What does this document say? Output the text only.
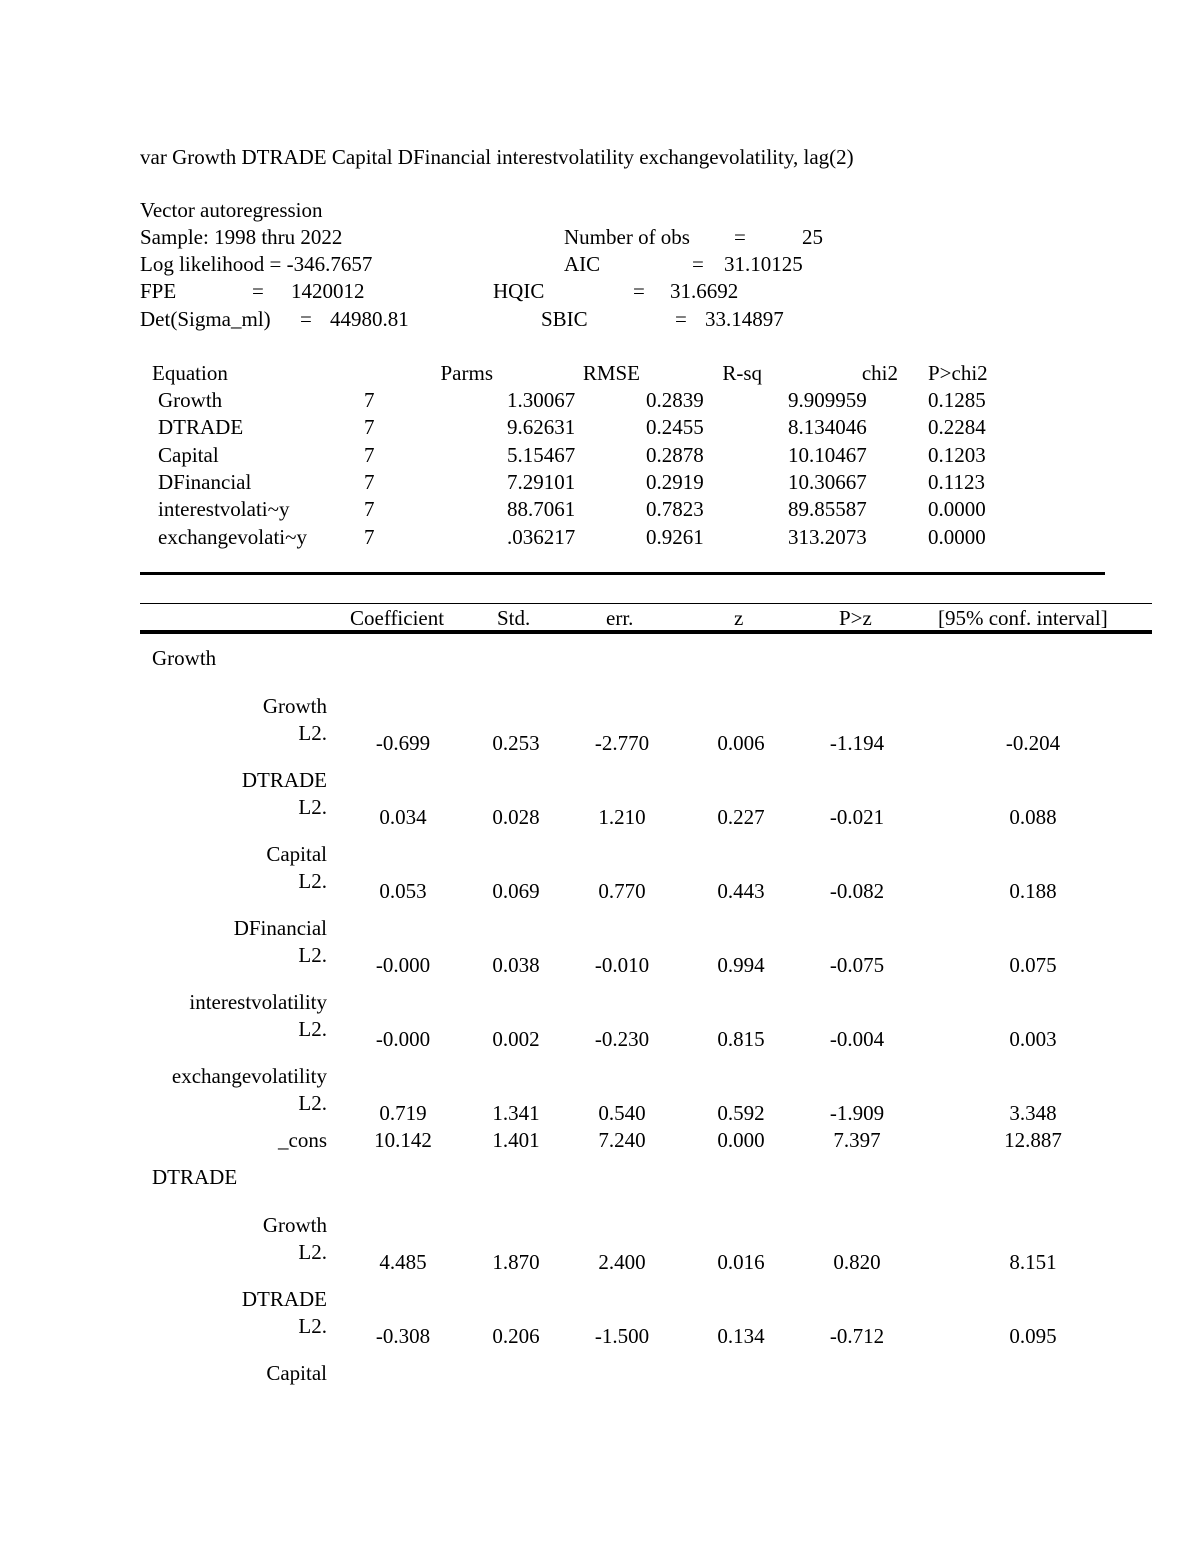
var Growth DTRADE Capital DFinancial interestvolatility exchangevolatility, lag(2)
Vector autoregression
Sample: 1998 thru 2022
Log likelihood = -346.7657
FPE	= 1420012
Det(Sigma_ml) = 44980.81
Number of obs =	25
AIC	= 31.10125
HQIC	= 31.6692
SBIC	= 33.14897
Equation	Parms	RMSE	R-sq	chi2 P>chi2
Growth	7	1.30067	0.2839	9.909959	0.1285
DTRADE	7	9.62631	0.2455	8.134046	0.2284
Capital	7	5.15467	0.2878	10.10467	0.1203
DFinancial	7	7.29101	0.2919	10.30667	0.1123
interestvolati~y	7	88.7061	0.7823	89.85587	0.0000
exchangevolati~y	7	.036217	0.9261	313.2073	0.0000
Coefficient	Std.	err.	z	P>z	[95% conf. interval]
Growth
Growth
L2.	-0.699	0.253	-2.770	0.006	-1.194	-0.204
DTRADE
L2.	0.034	0.028	1.210	0.227	-0.021	0.088
Capital
L2.	0.053	0.069	0.770	0.443	-0.082	0.188
DFinancial
L2.	-0.000	0.038	-0.010	0.994	-0.075	0.075
interestvolatility
L2.	-0.000	0.002	-0.230	0.815	-0.004	0.003
exchangevolatility
L2.	0.719	1.341	0.540	0.592	-1.909	3.348
_cons	10.142	1.401	7.240	0.000	7.397	12.887
DTRADE
Growth
L2.	4.485	1.870	2.400	0.016	0.820	8.151
DTRADE
L2.	-0.308	0.206	-1.500	0.134	-0.712	0.095
Capital
